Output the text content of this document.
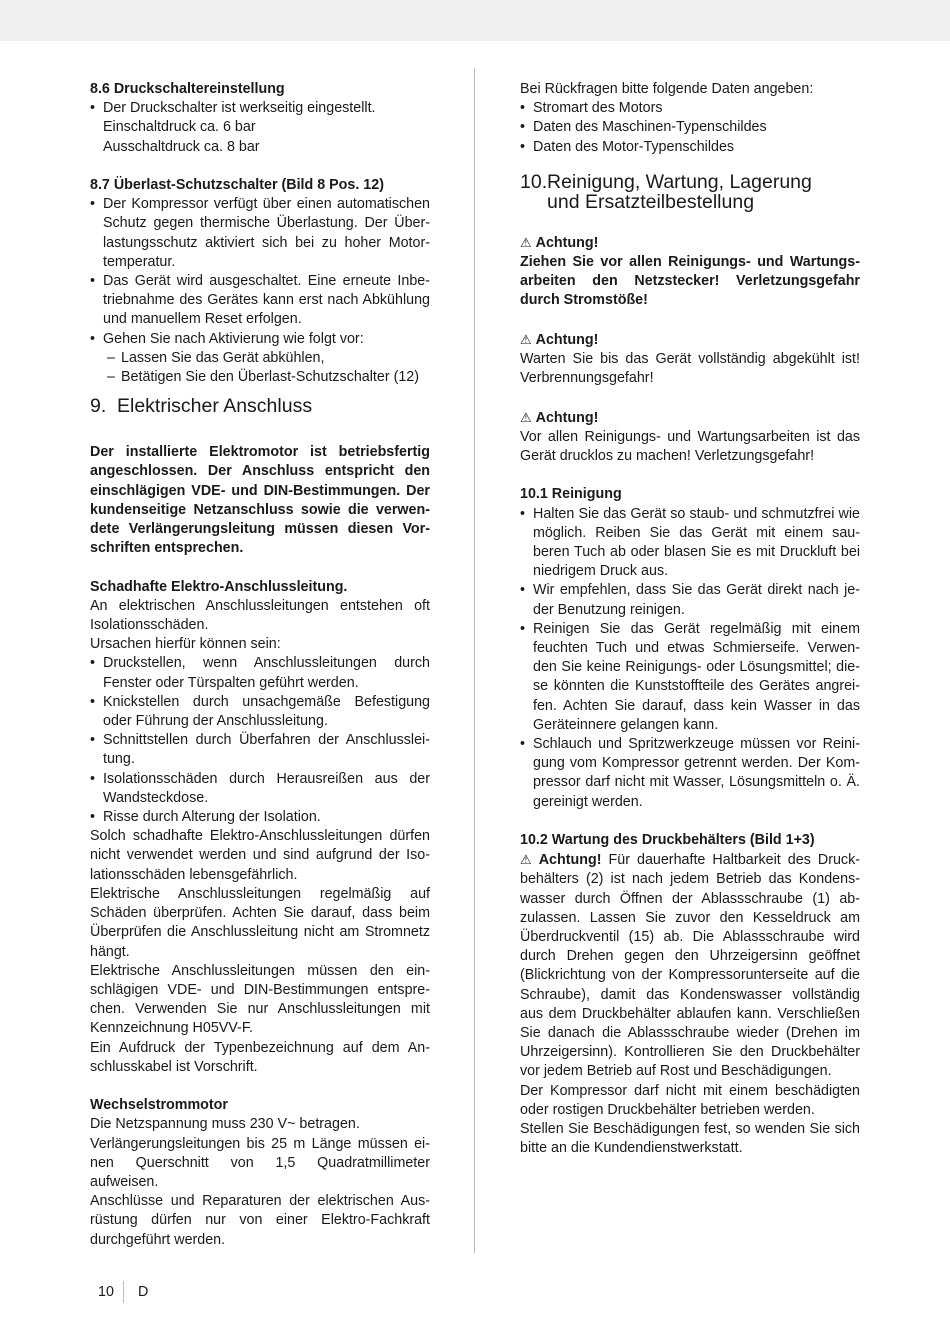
8.6 Druckschaltereinstellung
• Der Druckschalter ist werkseitig eingestellt.

Einschaltdruck ca. 6 bar

Ausschaltdruck ca. 8 bar

8.7 Überlast-Schutzschalter (Bild 8 Pos. 12)
• Der Kompressor verfügt über einen automatischen Schutz gegen thermische Überlastung. Der Über-lastungsschutz aktiviert sich bei zu hoher Motor-temperatur.
• Das Gerät wird ausgeschaltet. Eine erneute Inbe-triebnahme des Gerätes kann erst nach Abkühlung und manuellem Reset erfolgen.
• Gehen Sie nach Aktivierung wie folgt vor:
– Lassen Sie das Gerät abkühlen,
– Betätigen Sie den Überlast-Schutzschalter (12)
9. Elektrischer Anschluss

Der installierte Elektromotor ist betriebsfertig angeschlossen. Der Anschluss entspricht den einschlägigen VDE- und DIN-Bestimmungen. Der kundenseitige Netzanschluss sowie die verwen-dete Verlängerungsleitung müssen diesen Vor-schriften entsprechen.

Schadhafte Elektro-Anschlussleitung.

An elektrischen Anschlussleitungen entstehen oft Isolationsschäden.

Ursachen hierfür können sein:

• Druckstellen, wenn Anschlussleitungen durch Fenster oder Türspalten geführt werden.
• Knickstellen durch unsachgemäße Befestigung oder Führung der Anschlussleitung.
• Schnittstellen durch Überfahren der Anschlusslei-tung.
• Isolationsschäden durch Herausreißen aus der Wandsteckdose.
• Risse durch Alterung der Isolation.

Solch schadhafte Elektro-Anschlussleitungen dürfen nicht verwendet werden und sind aufgrund der Iso-lationsschäden lebensgefährlich.

Elektrische Anschlussleitungen regelmäßig auf Schäden überprüfen. Achten Sie darauf, dass beim Überprüfen die Anschlussleitung nicht am Stromnetz hängt.

Elektrische Anschlussleitungen müssen den ein-schlägigen VDE- und DIN-Bestimmungen entspre-chen. Verwenden Sie nur Anschlussleitungen mit Kennzeichnung H05VV-F.

Ein Aufdruck der Typenbezeichnung auf dem An-schlusskabel ist Vorschrift.

Wechselstrommotor

Die Netzspannung muss 230 V~ betragen.

Verlängerungsleitungen bis 25 m Länge müssen ei-nen Querschnitt von 1,5 Quadratmillimeter aufweisen.

Anschlüsse und Reparaturen der elektrischen Aus-rüstung dürfen nur von einer Elektro-Fachkraft durchgeführt werden.

Bei Rückfragen bitte folgende Daten angeben:

• Stromart des Motors
• Daten des Maschinen-Typenschildes
• Daten des Motor-Typenschildes
10.Reinigung, Wartung, Lagerung
und Ersatzteilbestellung

⚠ Achtung!

Ziehen Sie vor allen Reinigungs- und Wartungs-arbeiten den Netzstecker! Verletzungsgefahr durch Stromstöße!

⚠ Achtung!

Warten Sie bis das Gerät vollständig abgekühlt ist! Verbrennungsgefahr!

⚠ Achtung!

Vor allen Reinigungs- und Wartungsarbeiten ist das Gerät drucklos zu machen! Verletzungsgefahr!

10.1 Reinigung
• Halten Sie das Gerät so staub- und schmutzfrei wie möglich. Reiben Sie das Gerät mit einem sau-beren Tuch ab oder blasen Sie es mit Druckluft bei niedrigem Druck aus.
• Wir empfehlen, dass Sie das Gerät direkt nach je-der Benutzung reinigen.
• Reinigen Sie das Gerät regelmäßig mit einem feuchten Tuch und etwas Schmierseife. Verwen-den Sie keine Reinigungs- oder Lösungsmittel; die-se könnten die Kunststoffteile des Gerätes angrei-fen. Achten Sie darauf, dass kein Wasser in das Geräteinnere gelangen kann.
• Schlauch und Spritzwerkzeuge müssen vor Reini-gung vom Kompressor getrennt werden. Der Kom-pressor darf nicht mit Wasser, Lösungsmitteln o. Ä. gereinigt werden.
10.2 Wartung des Druckbehälters (Bild 1+3)

⚠ Achtung! Für dauerhafte Haltbarkeit des Druck-behälters (2) ist nach jedem Betrieb das Kondens-wasser durch Öffnen der Ablassschraube (1) ab-zulassen. Lassen Sie zuvor den Kesseldruck am Überdruckventil (15) ab. Die Ablassschraube wird durch Drehen gegen den Uhrzeigersinn geöffnet (Blickrichtung von der Kompressorunterseite auf die Schraube), damit das Kondenswasser vollständig aus dem Druckbehälter ablaufen kann. Verschließen Sie danach die Ablassschraube wieder (Drehen im Uhrzeigersinn). Kontrollieren Sie den Druckbehälter vor jedem Betrieb auf Rost und Beschädigungen.

Der Kompressor darf nicht mit einem beschädigten oder rostigen Druckbehälter betrieben werden.

Stellen Sie Beschädigungen fest, so wenden Sie sich bitte an die Kundendienstwerkstatt.

10 D
